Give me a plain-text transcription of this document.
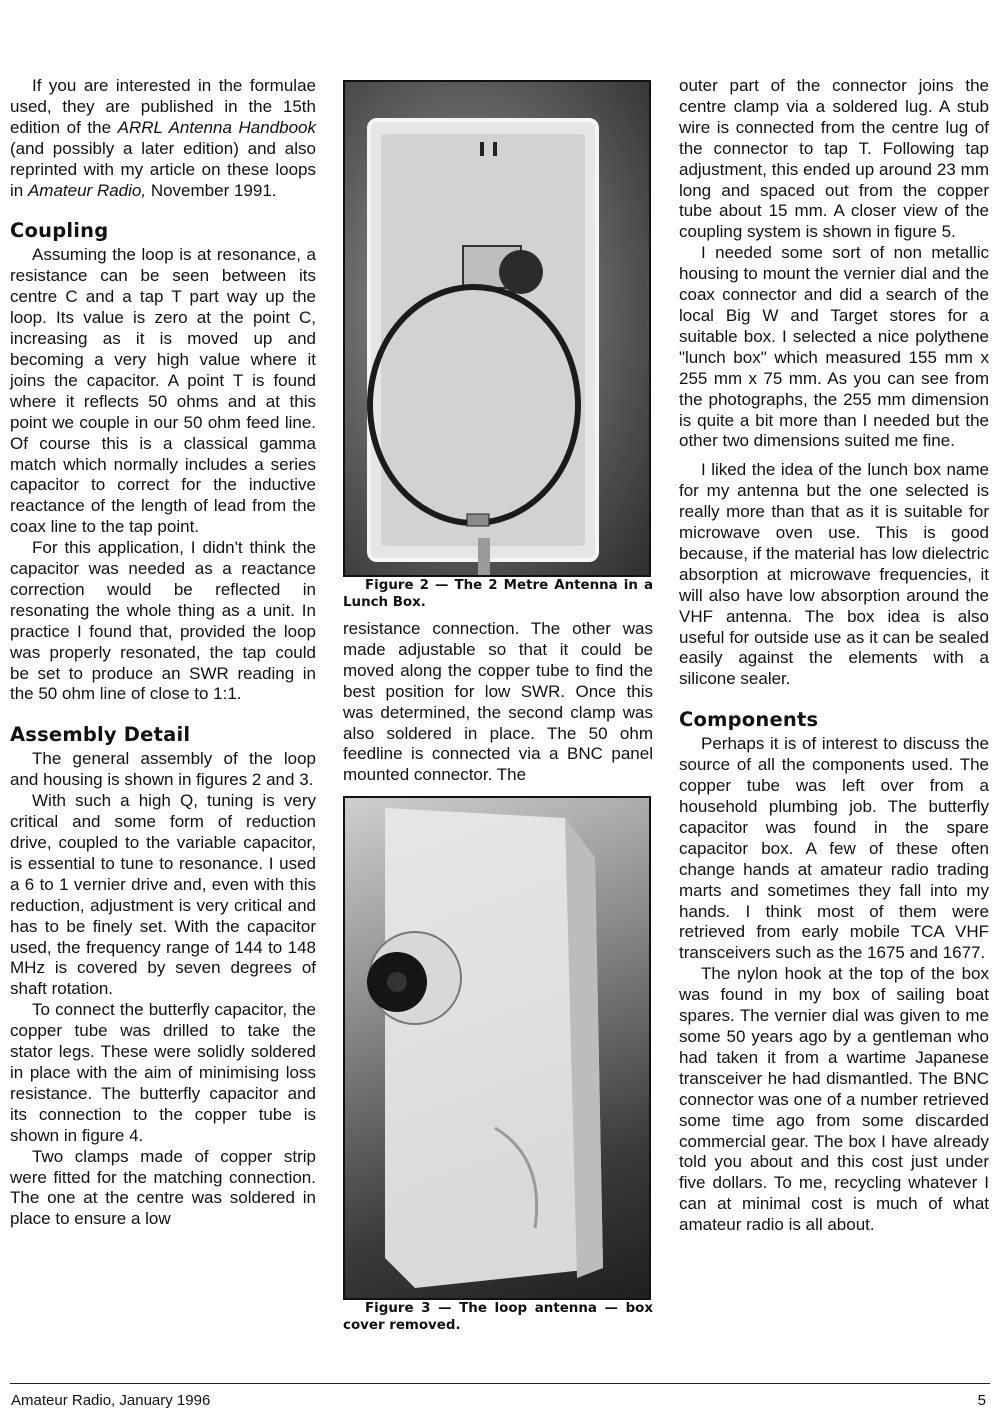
If you are interested in the formulae used, they are published in the 15th edition of the ARRL Antenna Handbook (and possibly a later edition) and also reprinted with my article on these loops in Amateur Radio, November 1991.

Coupling

Assuming the loop is at resonance, a resistance can be seen between its centre C and a tap T part way up the loop. Its value is zero at the point C, increasing as it is moved up and becoming a very high value where it joins the capacitor. A point T is found where it reflects 50 ohms and at this point we couple in our 50 ohm feed line. Of course this is a classical gamma match which normally includes a series capacitor to correct for the inductive reactance of the length of lead from the coax line to the tap point.

For this application, I didn't think the capacitor was needed as a reactance correction would be reflected in resonating the whole thing as a unit. In practice I found that, provided the loop was properly resonated, the tap could be set to produce an SWR reading in the 50 ohm line of close to 1:1.

Assembly Detail

The general assembly of the loop and housing is shown in figures 2 and 3.

With such a high Q, tuning is very critical and some form of reduction drive, coupled to the variable capacitor, is essential to tune to resonance. I used a 6 to 1 vernier drive and, even with this reduction, adjustment is very critical and has to be finely set. With the capacitor used, the frequency range of 144 to 148 MHz is covered by seven degrees of shaft rotation.

To connect the butterfly capacitor, the copper tube was drilled to take the stator legs. These were solidly soldered in place with the aim of minimising loss resistance. The butterfly capacitor and its connection to the copper tube is shown in figure 4.

Two clamps made of copper strip were fitted for the matching connection. The one at the centre was soldered in place to ensure a low

Figure 2 — The 2 Metre Antenna in a Lunch Box.

resistance connection. The other was made adjustable so that it could be moved along the copper tube to find the best position for low SWR. Once this was determined, the second clamp was also soldered in place. The 50 ohm feedline is connected via a BNC panel mounted connector. The

Figure 3 — The loop antenna — box cover removed.

outer part of the connector joins the centre clamp via a soldered lug. A stub wire is connected from the centre lug of the connector to tap T. Following tap adjustment, this ended up around 23 mm long and spaced out from the copper tube about 15 mm. A closer view of the coupling system is shown in figure 5.

I needed some sort of non metallic housing to mount the vernier dial and the coax connector and did a search of the local Big W and Target stores for a suitable box. I selected a nice polythene "lunch box" which measured 155 mm x 255 mm x 75 mm. As you can see from the photographs, the 255 mm dimension is quite a bit more than I needed but the other two dimensions suited me fine.

I liked the idea of the lunch box name for my antenna but the one selected is really more than that as it is suitable for microwave oven use. This is good because, if the material has low dielectric absorption at microwave frequencies, it will also have low absorption around the VHF antenna. The box idea is also useful for outside use as it can be sealed easily against the elements with a silicone sealer.

Components

Perhaps it is of interest to discuss the source of all the components used. The copper tube was left over from a household plumbing job. The butterfly capacitor was found in the spare capacitor box. A few of these often change hands at amateur radio trading marts and sometimes they fall into my hands. I think most of them were retrieved from early mobile TCA VHF transceivers such as the 1675 and 1677.

The nylon hook at the top of the box was found in my box of sailing boat spares. The vernier dial was given to me some 50 years ago by a gentleman who had taken it from a wartime Japanese transceiver he had dismantled. The BNC connector was one of a number retrieved some time ago from some discarded commercial gear. The box I have already told you about and this cost just under five dollars. To me, recycling whatever I can at minimal cost is much of what amateur radio is all about.

Amateur Radio, January 1996	5
